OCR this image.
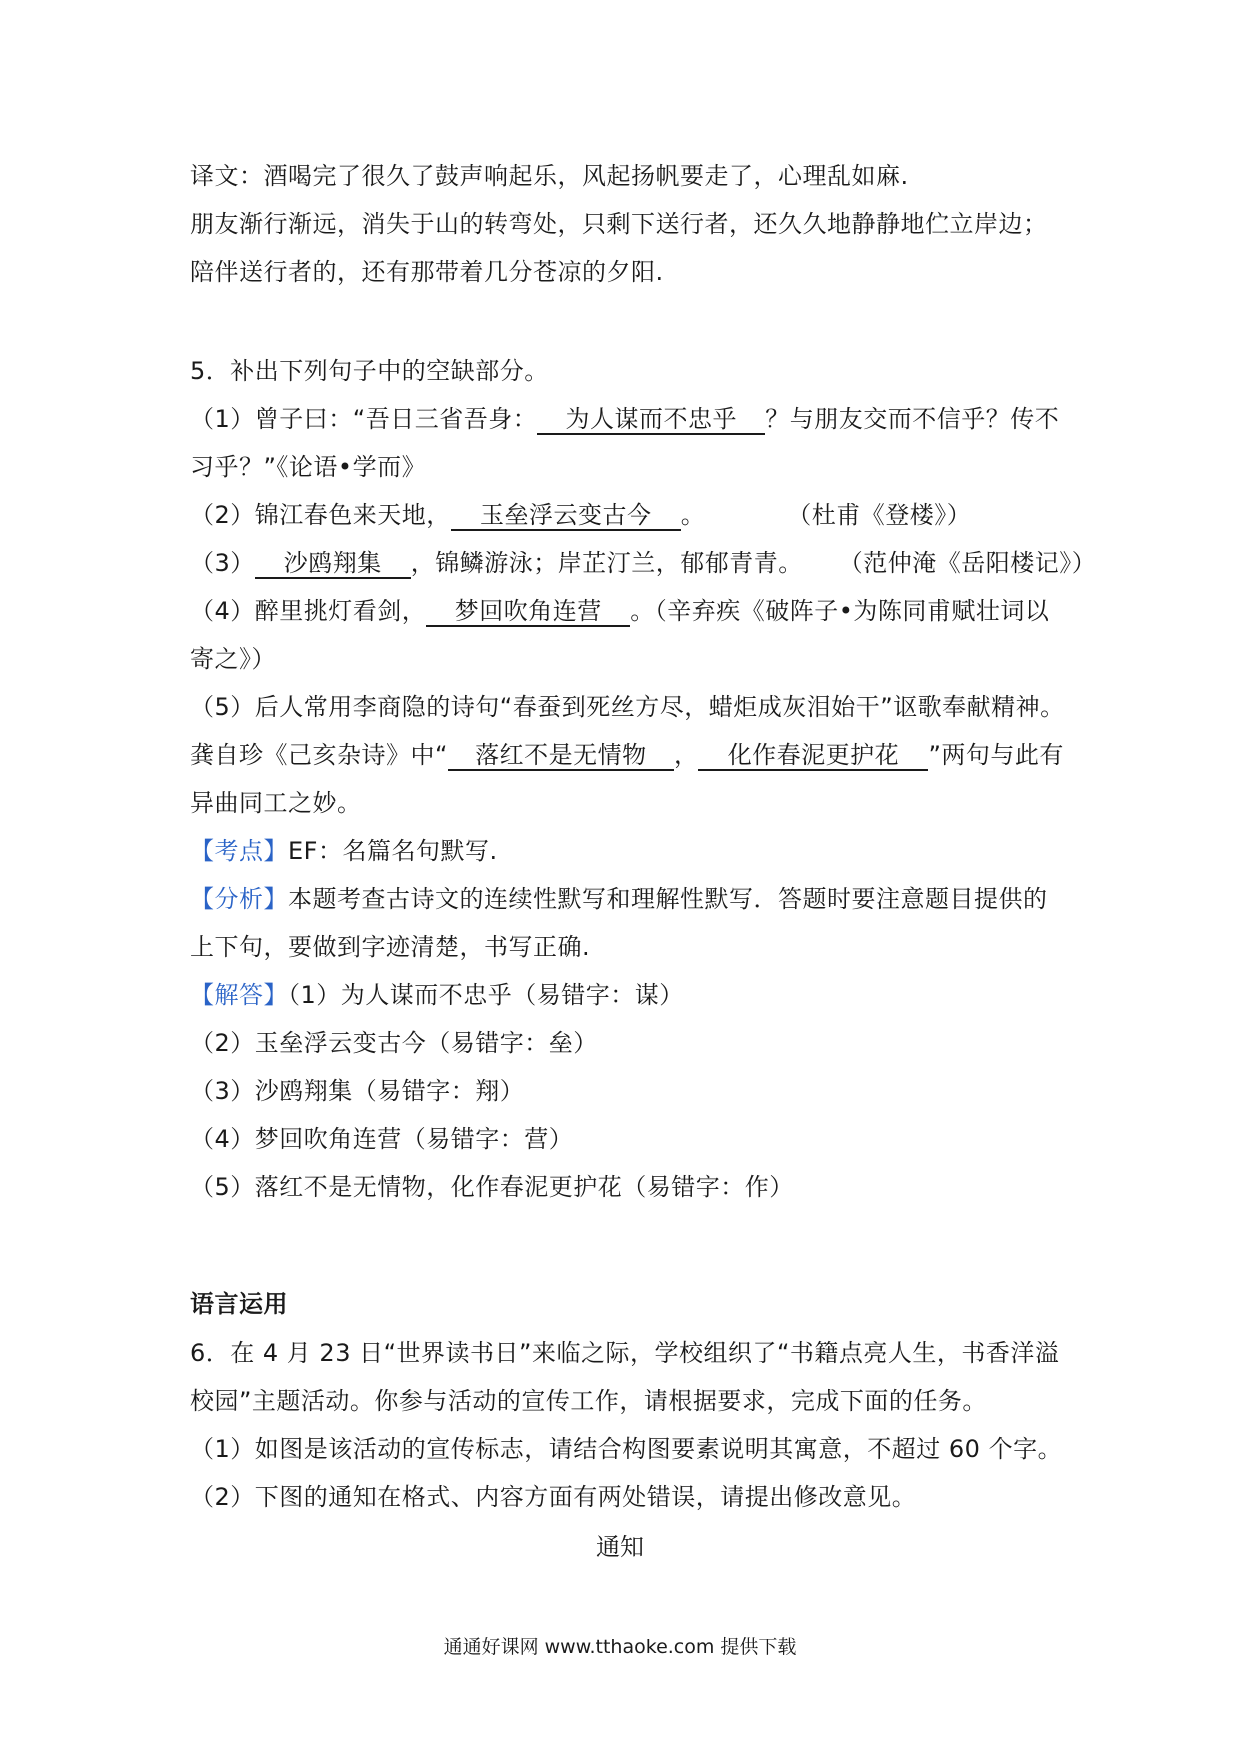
译文：酒喝完了很久了鼓声响起乐，风起扬帆要走了，心理乱如麻.

朋友渐行渐远，消失于山的转弯处，只剩下送行者，还久久地静静地伫立岸边；

陪伴送行者的，还有那带着几分苍凉的夕阳.

5．补出下列句子中的空缺部分。

（1）曾子曰：“吾日三省吾身： 为人谋而不忠乎 ？与朋友交而不信乎？传不

习乎？”《论语•学而》

（2）锦江春色来天地， 玉垒浮云变古今 。	（杜甫《登楼》）

（3） 沙鸥翔集 ，锦鳞游泳；岸芷汀兰，郁郁青青。 （范仲淹《岳阳楼记》）

（4）醉里挑灯看剑， 梦回吹角连营 。（辛弃疾《破阵子•为陈同甫赋壮词以

寄之》）

（5）后人常用李商隐的诗句“春蚕到死丝方尽，蜡炬成灰泪始干”讴歌奉献精神。

龚自珍《己亥杂诗》中“ 落红不是无情物 ， 化作春泥更护花 ”两句与此有

异曲同工之妙。

【考点】EF：名篇名句默写.

【分析】本题考查古诗文的连续性默写和理解性默写．答题时要注意题目提供的

上下句，要做到字迹清楚，书写正确.

【解答】（1）为人谋而不忠乎（易错字：谋）

（2）玉垒浮云变古今（易错字：垒）

（3）沙鸥翔集（易错字：翔）

（4）梦回吹角连营（易错字：营）

（5）落红不是无情物，化作春泥更护花（易错字：作）

语言运用

6．在 4 月 23 日“世界读书日”来临之际，学校组织了“书籍点亮人生，书香洋溢

校园”主题活动。你参与活动的宣传工作，请根据要求，完成下面的任务。

（1）如图是该活动的宣传标志，请结合构图要素说明其寓意，不超过 60 个字。

（2）下图的通知在格式、内容方面有两处错误，请提出修改意见。

通知

通通好课网 www.tthaoke.com 提供下载
